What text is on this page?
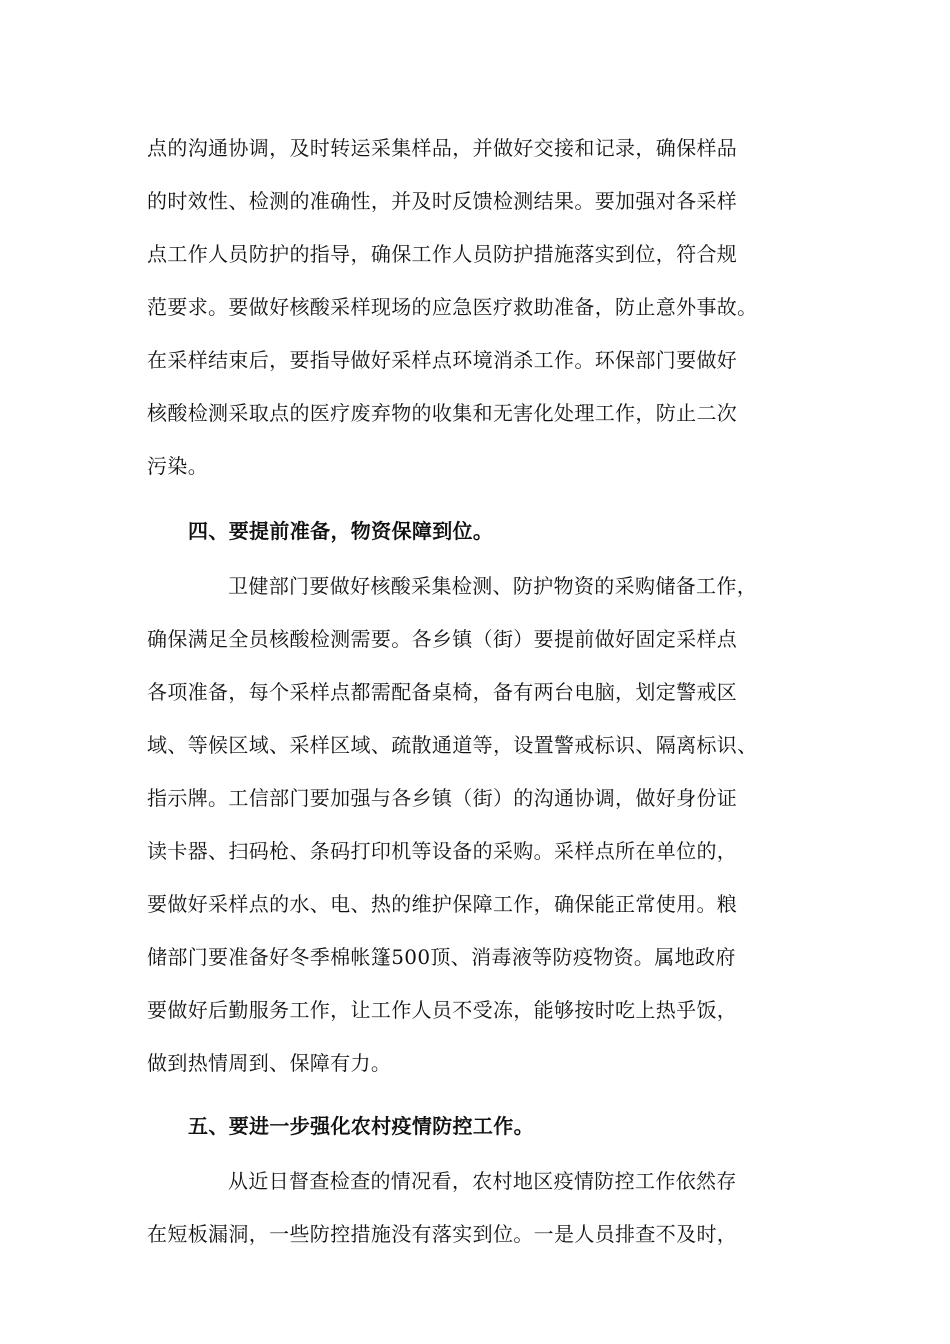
点的沟通协调，及时转运采集样品，并做好交接和记录，确保样品
的时效性、检测的准确性，并及时反馈检测结果。要加强对各采样
点工作人员防护的指导，确保工作人员防护措施落实到位，符合规
范要求。要做好核酸采样现场的应急医疗救助准备，防止意外事故。
在采样结束后，要指导做好采样点环境消杀工作。环保部门要做好
核酸检测采取点的医疗废弃物的收集和无害化处理工作，防止二次
污染。
四、要提前准备，物资保障到位。
卫健部门要做好核酸采集检测、防护物资的采购储备工作，
确保满足全员核酸检测需要。各乡镇（街）要提前做好固定采样点
各项准备，每个采样点都需配备桌椅，备有两台电脑，划定警戒区
域、等候区域、采样区域、疏散通道等，设置警戒标识、隔离标识、
指示牌。工信部门要加强与各乡镇（街）的沟通协调，做好身份证
读卡器、扫码枪、条码打印机等设备的采购。采样点所在单位的，
要做好采样点的水、电、热的维护保障工作，确保能正常使用。粮
储部门要准备好冬季棉帐篷500顶、消毒液等防疫物资。属地政府
要做好后勤服务工作，让工作人员不受冻，能够按时吃上热乎饭，
做到热情周到、保障有力。
五、要进一步强化农村疫情防控工作。
从近日督查检查的情况看，农村地区疫情防控工作依然存
在短板漏洞，一些防控措施没有落实到位。一是人员排查不及时，
